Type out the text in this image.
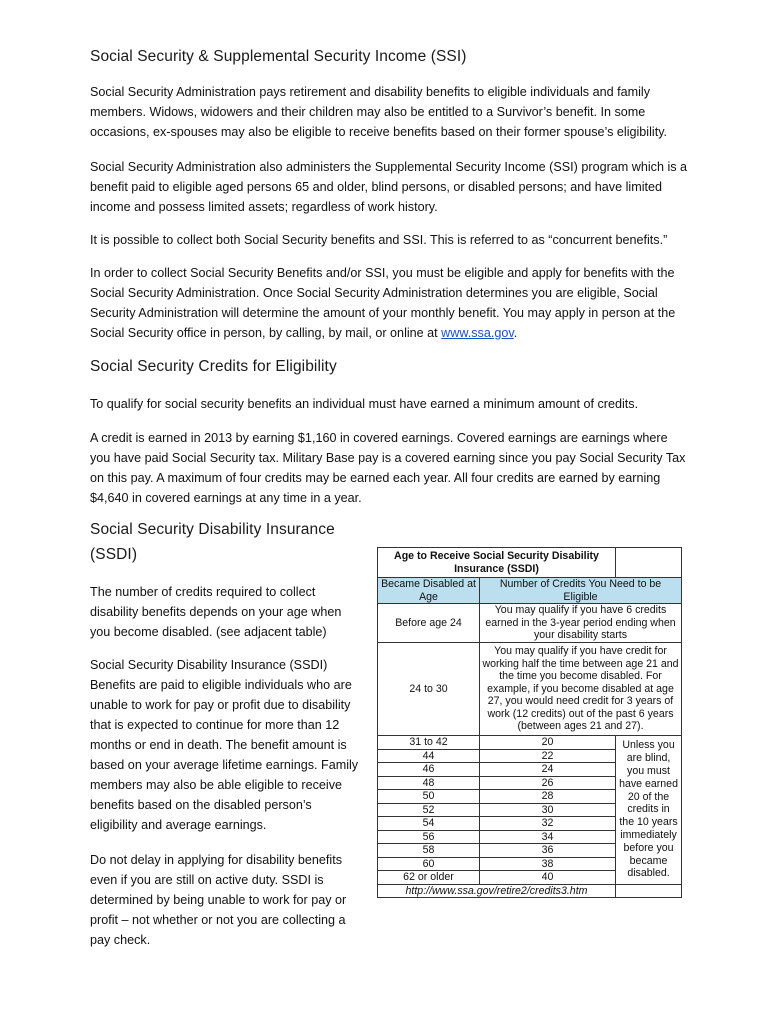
Social Security & Supplemental Security Income (SSI)

Social Security Administration pays retirement and disability benefits to eligible individuals and family members. Widows, widowers and their children may also be entitled to a Survivor’s benefit. In some occasions, ex-spouses may also be eligible to receive benefits based on their former spouse’s eligibility.

Social Security Administration also administers the Supplemental Security Income (SSI) program which is a benefit paid to eligible aged persons 65 and older, blind persons, or disabled persons; and have limited income and possess limited assets; regardless of work history.

It is possible to collect both Social Security benefits and SSI. This is referred to as “concurrent benefits.”

In order to collect Social Security Benefits and/or SSI, you must be eligible and apply for benefits with the Social Security Administration. Once Social Security Administration determines you are eligible, Social Security Administration will determine the amount of your monthly benefit. You may apply in person at the Social Security office in person, by calling, by mail, or online at www.ssa.gov.

Social Security Credits for Eligibility

To qualify for social security benefits an individual must have earned a minimum amount of credits.

A credit is earned in 2013 by earning $1,160 in covered earnings. Covered earnings are earnings where you have paid Social Security tax. Military Base pay is a covered earning since you pay Social Security Tax on this pay. A maximum of four credits may be earned each year. All four credits are earned by earning $4,640 in covered earnings at any time in a year.

Social Security Disability Insurance
(SSDI)

The number of credits required to collect disability benefits depends on your age when you become disabled. (see adjacent table)

Social Security Disability Insurance (SSDI) Benefits are paid to eligible individuals who are unable to work for pay or profit due to disability that is expected to continue for more than 12 months or end in death. The benefit amount is based on your average lifetime earnings. Family members may also be able eligible to receive benefits based on the disabled person’s eligibility and average earnings.

Do not delay in applying for disability benefits even if you are still on active duty. SSDI is determined by being unable to work for pay or profit – not whether or not you are collecting a pay check.

Age to Receive Social Security Disability Insurance (SSDI)		
Became Disabled at Age	Number of Credits You Need to be Eligible	
Before age 24	You may qualify if you have 6 credits earned in the 3-year period ending when your disability starts	
24 to 30	You may qualify if you have credit for working half the time between age 21 and the time you become disabled. For example, if you become disabled at age 27, you would need credit for 3 years of work (12 credits) out of the past 6 years (between ages 21 and 27).	
31 to 42	20	Unless you are blind, you must have earned 20 of the credits in the 10 years immediately before you became disabled.
44	22	
46	24	
48	26	
50	28	
52	30	
54	32	
56	34	
58	36	
60	38	
62 or older	40	
http://www.ssa.gov/retire2/credits3.htm		
